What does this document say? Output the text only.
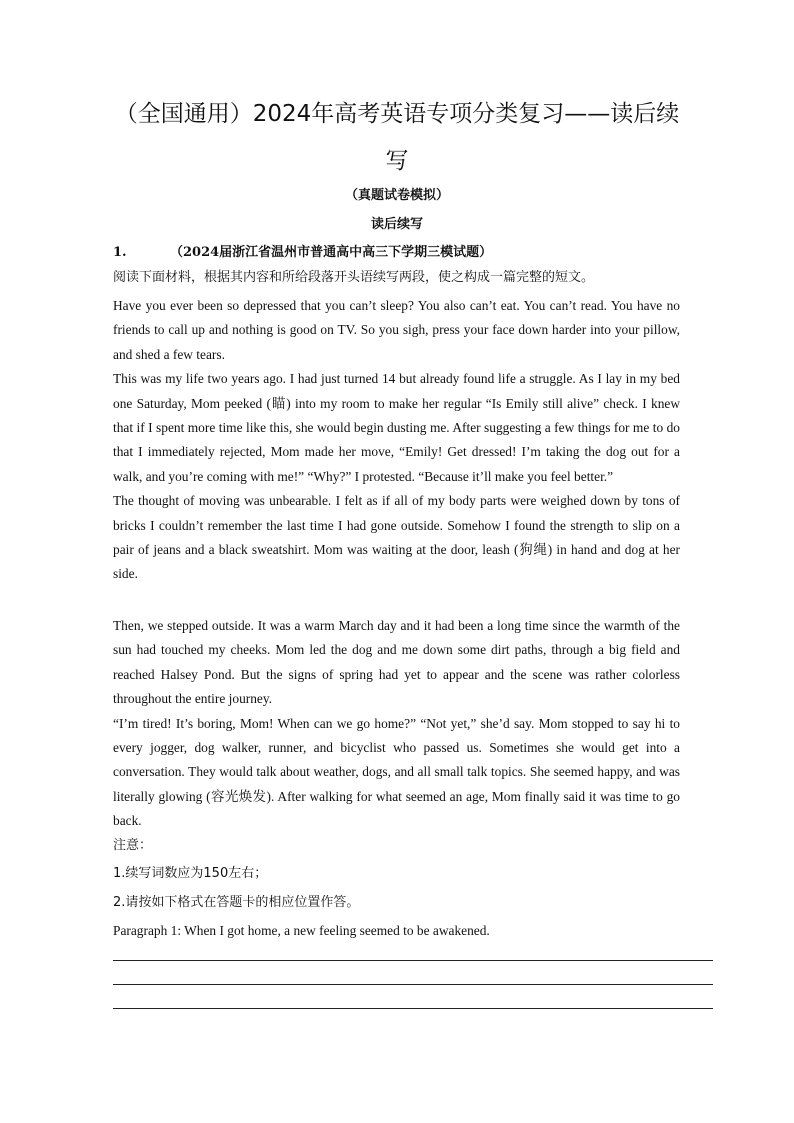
（全国通用）2024年高考英语专项分类复习——读后续
写
（真题试卷模拟）
读后续写
1.	（2024届浙江省温州市普通高中高三下学期三模试题）

阅读下面材料，根据其内容和所给段落开头语续写两段，使之构成一篇完整的短文。

Have you ever been so depressed that you can’t sleep? You also can’t eat. You can’t read. You have no friends to call up and nothing is good on TV. So you sigh, press your face down harder into your pillow, and shed a few tears.

This was my life two years ago. I had just turned 14 but already found life a struggle. As I lay in my bed one Saturday, Mom peeked (瞄) into my room to make her regular “Is Emily still alive” check. I knew that if I spent more time like this, she would begin dusting me. After suggesting a few things for me to do that I immediately rejected, Mom made her move, “Emily! Get dressed! I’m taking the dog out for a walk, and you’re coming with me!” “Why?” I protested. “Because it’ll make you feel better.”

The thought of moving was unbearable. I felt as if all of my body parts were weighed down by tons of bricks I couldn’t remember the last time I had gone outside. Somehow I found the strength to slip on a pair of jeans and a black sweatshirt. Mom was waiting at the door, leash (狗绳) in hand and dog at her side.

Then, we stepped outside. It was a warm March day and it had been a long time since the warmth of the sun had touched my cheeks. Mom led the dog and me down some dirt paths, through a big field and reached Halsey Pond. But the signs of spring had yet to appear and the scene was rather colorless throughout the entire journey.

“I’m tired! It’s boring, Mom! When can we go home?” “Not yet,” she’d say. Mom stopped to say hi to every jogger, dog walker, runner, and bicyclist who passed us. Sometimes she would get into a conversation. They would talk about weather, dogs, and all small talk topics. She seemed happy, and was literally glowing (容光焕发). After walking for what seemed an age, Mom finally said it was time to go back.

注意：

1.续写词数应为150左右；

2.请按如下格式在答题卡的相应位置作答。

Paragraph 1: When I got home, a new feeling seemed to be awakened.
